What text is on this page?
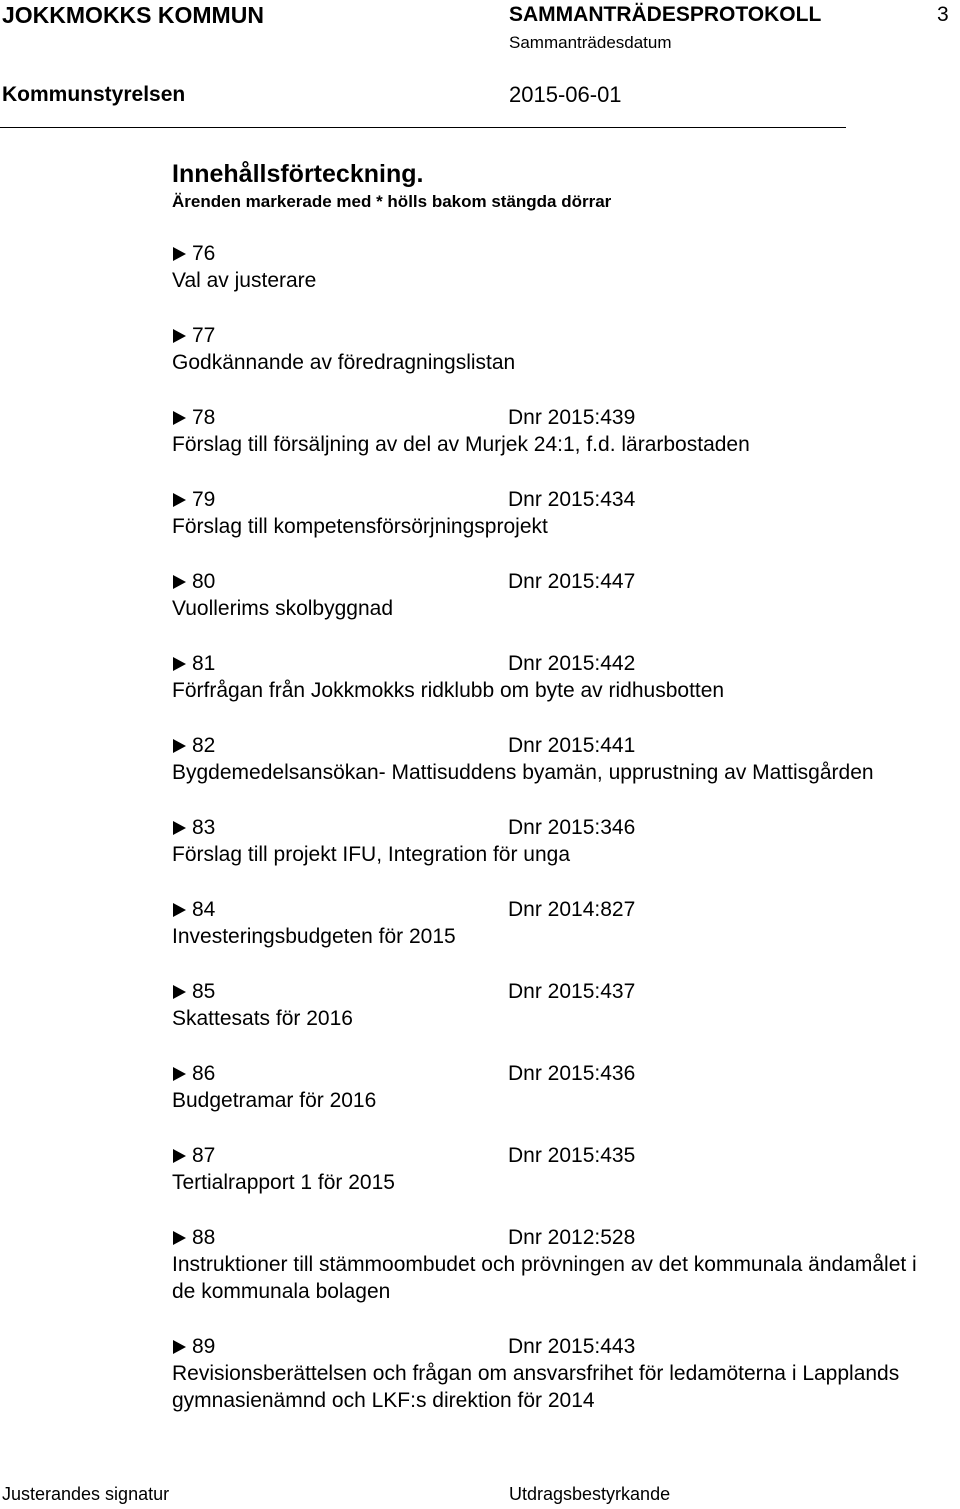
JOKKMOKKS KOMMUN	SAMMANTRÄDESPROTOKOLL	3
Sammanträdesdatum
Kommunstyrelsen	2015-06-01
Innehållsförteckning.
Ärenden markerade med * hölls bakom stängda dörrar
76
Val av justerare
77
Godkännande av föredragningslistan
78	Dnr 2015:439
Förslag till försäljning av del av Murjek 24:1, f.d. lärarbostaden
79	Dnr 2015:434
Förslag till kompetensförsörjningsprojekt
80	Dnr 2015:447
Vuollerims skolbyggnad
81	Dnr 2015:442
Förfrågan från Jokkmokks ridklubb om byte av ridhusbotten
82	Dnr 2015:441
Bygdemedelsansökan- Mattisuddens byamän, upprustning av Mattisgården
83	Dnr 2015:346
Förslag till projekt IFU, Integration för unga
84	Dnr 2014:827
Investeringsbudgeten för 2015
85	Dnr 2015:437
Skattesats för 2016
86	Dnr 2015:436
Budgetramar för 2016
87	Dnr 2015:435
Tertialrapport 1 för 2015
88	Dnr 2012:528
Instruktioner till stämmoombudet och prövningen av det kommunala ändamålet i de kommunala bolagen
89	Dnr 2015:443
Revisionsberättelsen och frågan om ansvarsfrihet för ledamöterna i Lapplands gymnasienämnd och LKF:s direktion för 2014
Justerandes signatur	Utdragsbestyrkande
